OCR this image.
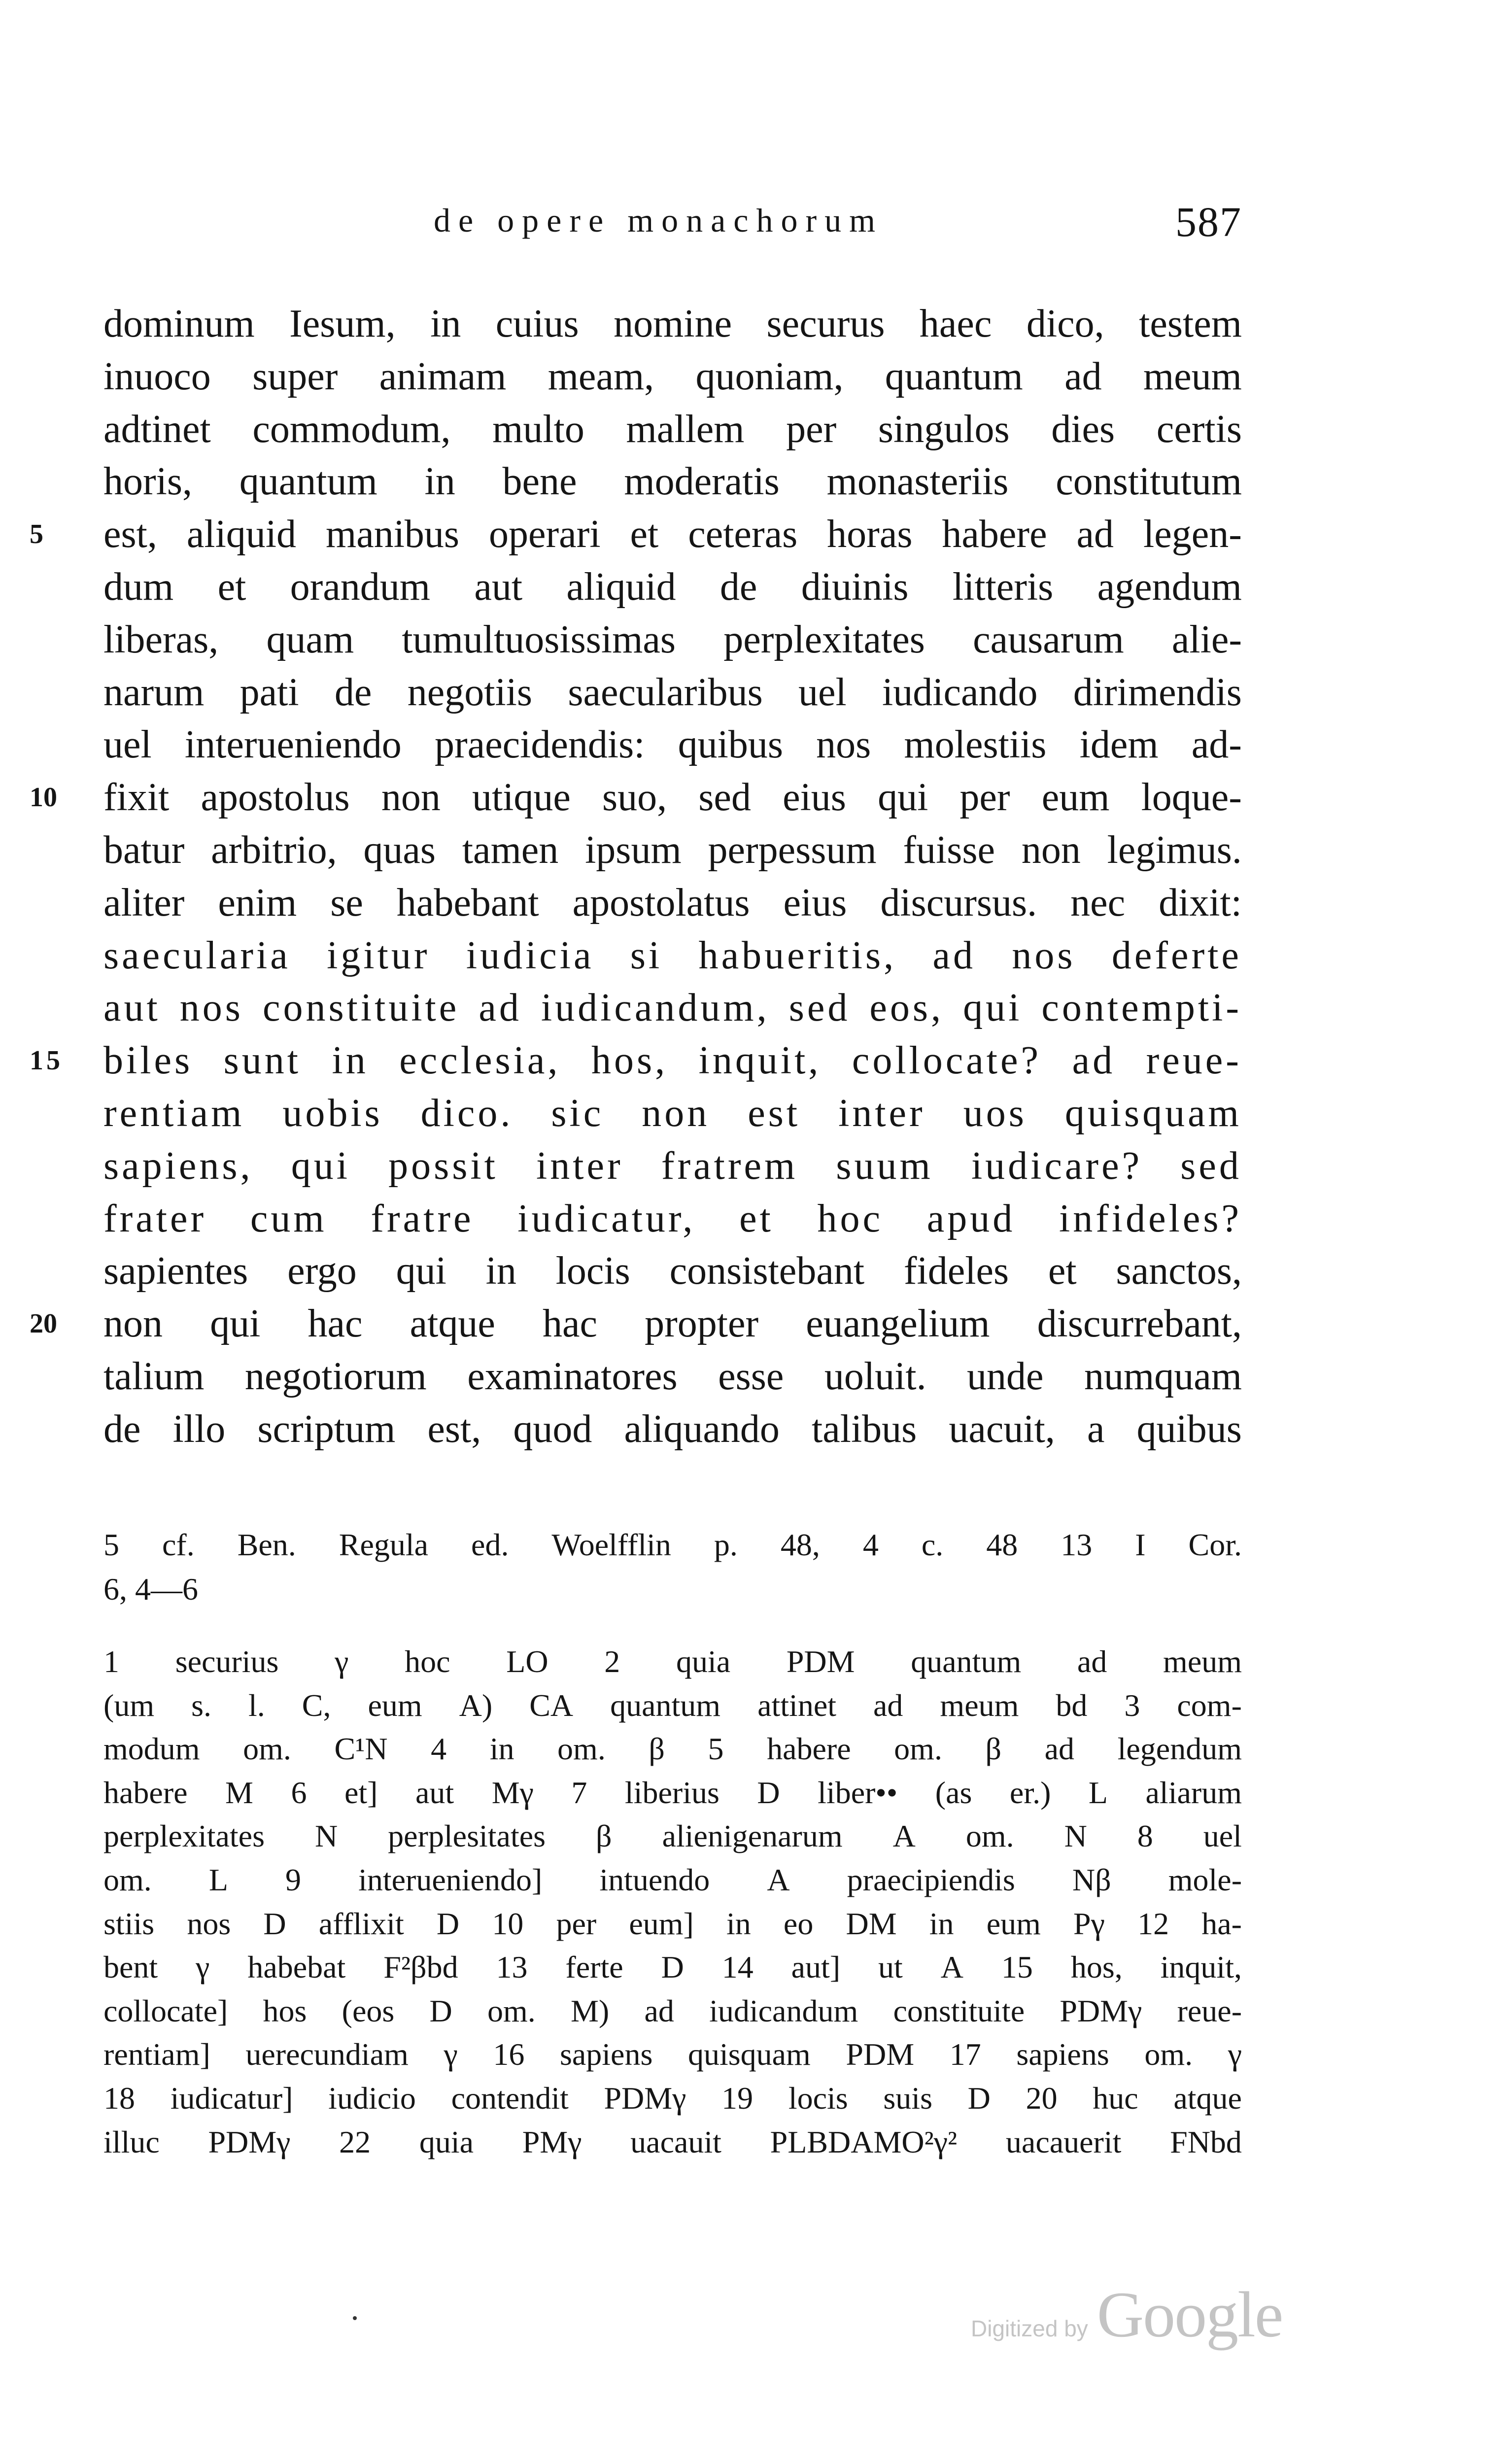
de opere monachorum	587
dominum Iesum, in cuius nomine securus haec dico, testem
inuoco super animam meam, quoniam, quantum ad meum
adtinet commodum, multo mallem per singulos dies certis
horis, quantum in bene moderatis monasteriis constitutum
est, aliquid manibus operari et ceteras horas habere ad legen-
5
dum et orandum aut aliquid de diuinis litteris agendum
liberas, quam tumultuosissimas perplexitates causarum alie-
narum pati de negotiis saecularibus uel iudicando dirimendis
uel interueniendo praecidendis: quibus nos molestiis idem ad-
fixit apostolus non utique suo, sed eius qui per eum loque-
10
batur arbitrio, quas tamen ipsum perpessum fuisse non legimus.
aliter enim se habebant apostolatus eius discursus. nec dixit:
saecularia igitur iudicia si habueritis, ad nos deferte
aut nos constituite ad iudicandum, sed eos, qui contempti-
biles sunt in ecclesia, hos, inquit, collocate? ad reue-
15
rentiam uobis dico. sic non est inter uos quisquam
sapiens, qui possit inter fratrem suum iudicare? sed
frater cum fratre iudicatur, et hoc apud infideles?
sapientes ergo qui in locis consistebant fideles et sanctos,
non qui hac atque hac propter euangelium discurrebant,
20
talium negotiorum examinatores esse uoluit. unde numquam
de illo scriptum est, quod aliquando talibus uacuit, a quibus
5 cf. Ben. Regula ed. Woelfflin p. 48, 4 c. 48 13 I Cor.
6, 4—6
1 securius γ hoc LO 2 quia PDM quantum ad meum
(um s. l. C, eum A) CA quantum attinet ad meum bd 3 com-
modum om. C¹N 4 in om. β 5 habere om. β ad legendum
habere M 6 et] aut Mγ 7 liberius D liber•• (as er.) L aliarum
perplexitates N perplesitates β alienigenarum A om. N 8 uel
om. L 9 interueniendo] intuendo A praecipiendis Nβ mole-
stiis nos D afflixit D 10 per eum] in eo DM in eum Pγ 12 ha-
bent γ habebat F²βbd 13 ferte D 14 aut] ut A 15 hos, inquit,
collocate] hos (eos D om. M) ad iudicandum constituite PDMγ reue-
rentiam] uerecundiam γ 16 sapiens quisquam PDM 17 sapiens om. γ
18 iudicatur] iudicio contendit PDMγ 19 locis suis D 20 huc atque
illuc PDMγ 22 quia PMγ uacauit PLBDAMO²γ² uacauerit FNbd
Digitized by Google
